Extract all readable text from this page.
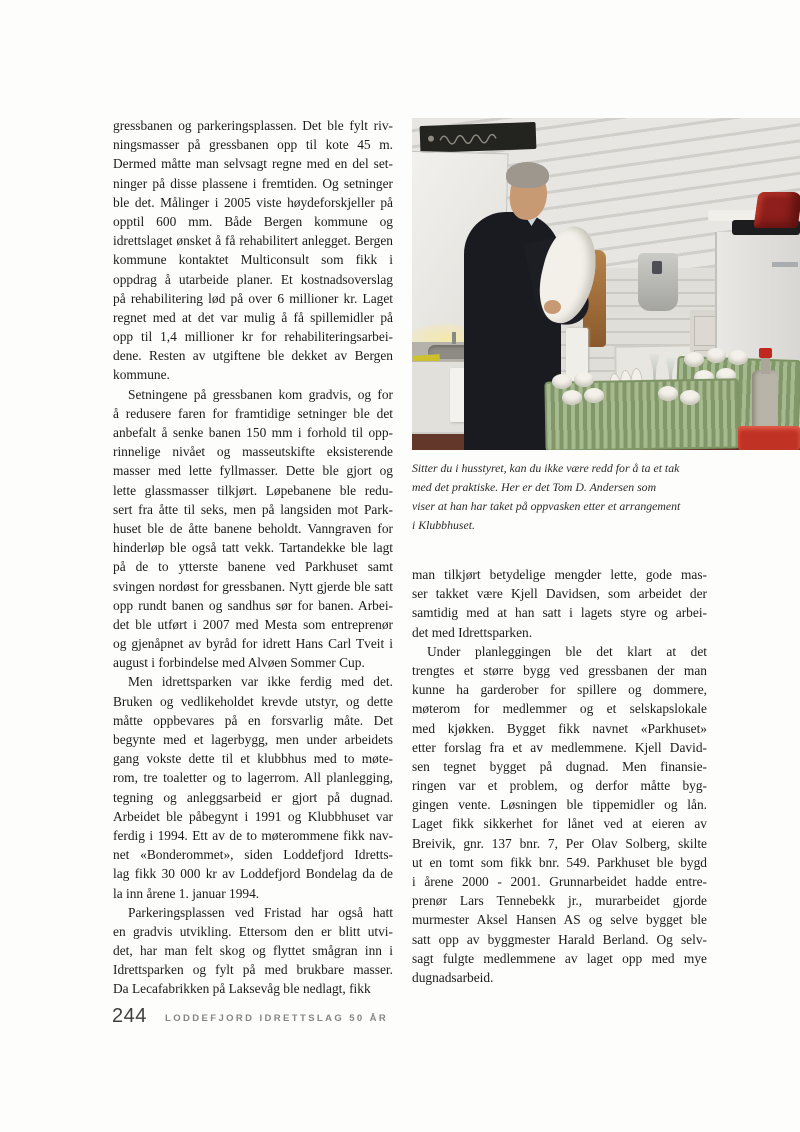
gressbanen og parkeringsplassen. Det ble fylt riv-
ningsmasser på gressbanen opp til kote 45 m.
Dermed måtte man selvsagt regne med en del set-
ninger på disse plassene i fremtiden. Og setninger
ble det. Målinger i 2005 viste høydeforskjeller på
opptil 600 mm. Både Bergen kommune og
idrettslaget ønsket å få rehabilitert anlegget. Bergen
kommune kontaktet Multiconsult som fikk i
oppdrag å utarbeide planer. Et kostnadsoverslag
på rehabilitering lød på over 6 millioner kr. Laget
regnet med at det var mulig å få spillemidler på
opp til 1,4 millioner kr for rehabiliteringsarbei-
dene. Resten av utgiftene ble dekket av Bergen
kommune.
Setningene på gressbanen kom gradvis, og for
å redusere faren for framtidige setninger ble det
anbefalt å senke banen 150 mm i forhold til opp-
rinnelige nivået og masseutskifte eksisterende
masser med lette fyllmasser. Dette ble gjort og
lette glassmasser tilkjørt. Løpebanene ble redu-
sert fra åtte til seks, men på langsiden mot Park-
huset ble de åtte banene beholdt. Vanngraven for
hinderløp ble også tatt vekk. Tartandekke ble lagt
på de to ytterste banene ved Parkhuset samt
svingen nordøst for gressbanen. Nytt gjerde ble satt
opp rundt banen og sandhus sør for banen. Arbei-
det ble utført i 2007 med Mesta som entreprenør
og gjenåpnet av byråd for idrett Hans Carl Tveit i
august i forbindelse med Alvøen Sommer Cup.
Men idrettsparken var ikke ferdig med det.
Bruken og vedlikeholdet krevde utstyr, og dette
måtte oppbevares på en forsvarlig måte. Det
begynte med et lagerbygg, men under arbeidets
gang vokste dette til et klubbhus med to møte-
rom, tre toaletter og to lagerrom. All planlegging,
tegning og anleggsarbeid er gjort på dugnad.
Arbeidet ble påbegynt i 1991 og Klubbhuset var
ferdig i 1994. Ett av de to møterommene fikk nav-
net «Bonderommet», siden Loddefjord Idretts-
lag fikk 30 000 kr av Loddefjord Bondelag da de
la inn årene 1. januar 1994.
Parkeringsplassen ved Fristad har også hatt
en gradvis utvikling. Ettersom den er blitt utvi-
det, har man felt skog og flyttet smågran inn i
Idrettsparken og fylt på med brukbare masser.
Da Lecafabrikken på Laksevåg ble nedlagt, fikk
Sitter du i husstyret, kan du ikke være redd for å ta et tak
med det praktiske. Her er det Tom D. Andersen som
viser at han har taket på oppvasken etter et arrangement
i Klubbhuset.
man tilkjørt betydelige mengder lette, gode mas-
ser takket være Kjell Davidsen, som arbeidet der
samtidig med at han satt i lagets styre og arbei-
det med Idrettsparken.
Under planleggingen ble det klart at det
trengtes et større bygg ved gressbanen der man
kunne ha garderober for spillere og dommere,
møterom for medlemmer og et selskapslokale
med kjøkken. Bygget fikk navnet «Parkhuset»
etter forslag fra et av medlemmene. Kjell David-
sen tegnet bygget på dugnad. Men finansie-
ringen var et problem, og derfor måtte byg-
gingen vente. Løsningen ble tippemidler og lån.
Laget fikk sikkerhet for lånet ved at eieren av
Breivik, gnr. 137 bnr. 7, Per Olav Solberg, skilte
ut en tomt som fikk bnr. 549. Parkhuset ble bygd
i årene 2000 - 2001. Grunnarbeidet hadde entre-
prenør Lars Tennebekk jr., murarbeidet gjorde
murmester Aksel Hansen AS og selve bygget ble
satt opp av byggmester Harald Berland. Og selv-
sagt fulgte medlemmene av laget opp med mye
dugnadsarbeid.
244 LODDEFJORD IDRETTSLAG 50 ÅR
